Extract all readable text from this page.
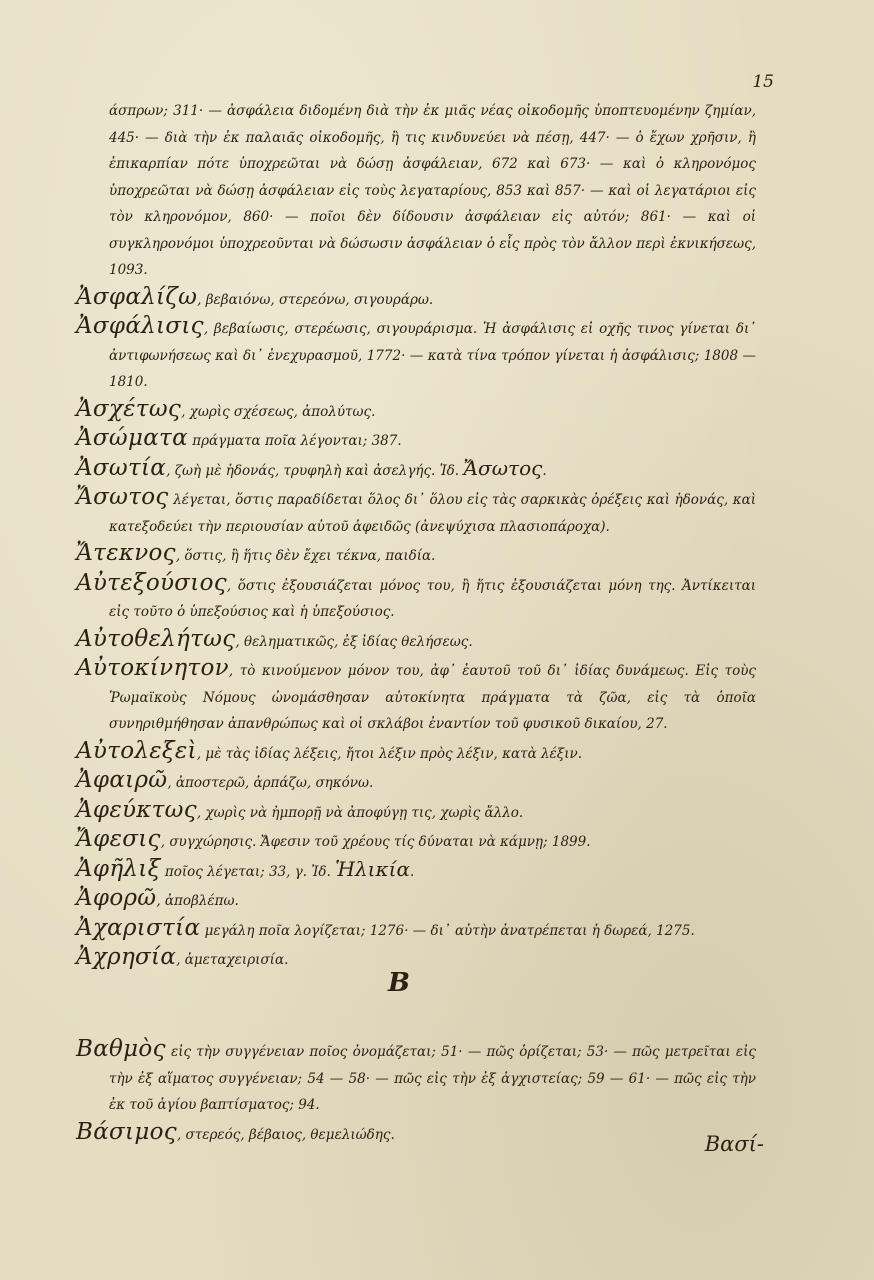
15

άσπρων; 311· — ἀσφάλεια διδομένη διὰ τὴν ἐκ μιᾶς νέας οἰκοδομῆς ὑποπτευομένην ζημίαν, 445· — διὰ τὴν ἐκ παλαιᾶς οἰκοδομῆς, ἢ τις κινδυνεύει νὰ πέσῃ, 447· — ὁ ἔχων χρῆσιν, ἢ ἐπικαρπίαν πότε ὑποχρεῶται νὰ δώσῃ ἀσφάλειαν, 672 καὶ 673· — καὶ ὁ κληρονόμος ὑποχρεῶται νὰ δώσῃ ἀσφάλειαν εἰς τοὺς λεγαταρίους, 853 καὶ 857· — καὶ οἱ λεγατάριοι εἰς τὸν κληρονόμον, 860· — ποῖοι δὲν δίδουσιν ἀσφάλειαν εἰς αὐτόν; 861· — καὶ οἱ συγκληρονόμοι ὑποχρεοῦνται νὰ δώσωσιν ἀσφάλειαν ὁ εἷς πρὸς τὸν ἄλλον περὶ ἐκνικήσεως, 1093.

Ἀσφαλίζω, βεβαιόνω, στερεόνω, σιγουράρω.

Ἀσφάλισις, βεβαίωσις, στερέωσις, σιγουράρισμα. Ἡ ἀσφάλισις εἰ οχῆς τινος γίνεται δι᾽ ἀντιφωνήσεως καὶ δι᾽ ἐνεχυρασμοῦ, 1772· — κατὰ τίνα τρόπον γίνεται ἡ ἀσφάλισις; 1808 — 1810.

Ἀσχέτως, χωρὶς σχέσεως, ἀπολύτως.

Ἀσώματα πράγματα ποῖα λέγονται; 387.

Ἀσωτία, ζωὴ μὲ ἡδονάς, τρυφηλὴ καὶ ἀσελγής. Ἰδ. Ἄσωτος.

Ἄσωτος λέγεται, ὅστις παραδίδεται ὅλος δι᾽ ὅλου εἰς τὰς σαρκικὰς ὀρέξεις καὶ ἡδονάς, καὶ κατεξοδεύει τὴν περιουσίαν αὐτοῦ ἀφειδῶς (ἀνεψύχισα πλασιοπάροχα).

Ἄτεκνος, ὅστις, ἢ ἥτις δὲν ἔχει τέκνα, παιδία.

Αὐτεξούσιος, ὅστις ἐξουσιάζεται μόνος του, ἢ ἥτις ἐξουσιάζεται μόνη της. Ἀντίκειται εἰς τοῦτο ὁ ὑπεξούσιος καὶ ἡ ὑπεξούσιος.

Αὐτοθελήτως, θεληματικῶς, ἐξ ἰδίας θελήσεως.

Αὐτοκίνητον, τὸ κινούμενον μόνον του, ἀφ᾽ ἑαυτοῦ τοῦ δι᾽ ἰδίας δυνάμεως. Εἰς τοὺς Ῥωμαϊκοὺς Νόμους ὠνομάσθησαν αὐτοκίνητα πράγματα τὰ ζῶα, εἰς τὰ ὁποῖα συνηριθμήθησαν ἀπανθρώπως καὶ οἱ σκλάβοι ἐναντίον τοῦ φυσικοῦ δικαίου, 27.

Αὐτολεξεὶ, μὲ τὰς ἰδίας λέξεις, ἤτοι λέξιν πρὸς λέξιν, κατὰ λέξιν.

Ἀφαιρῶ, ἀποστερῶ, ἁρπάζω, σηκόνω.

Ἀφεύκτως, χωρὶς νὰ ἠμπορῇ νὰ ἀποφύγῃ τις, χωρὶς ἄλλο.

Ἄφεσις, συγχώρησις. Ἄφεσιν τοῦ χρέους τίς δύναται νὰ κάμνῃ; 1899.

Ἀφῆλιξ ποῖος λέγεται; 33, γ. Ἰδ. Ἡλικία.

Ἀφορῶ, ἀποβλέπω.

Ἀχαριστία μεγάλη ποῖα λογίζεται; 1276· — δι᾽ αὐτὴν ἀνατρέπεται ἡ δωρεά, 1275.

Ἀχρησία, ἀμεταχειρισία.

Β

Βαθμὸς εἰς τὴν συγγένειαν ποῖος ὀνομάζεται; 51· — πῶς ὁρίζεται; 53· — πῶς μετρεῖται εἰς τὴν ἐξ αἵματος συγγένειαν; 54 — 58· — πῶς εἰς τὴν ἐξ ἀγχιστείας; 59 — 61· — πῶς εἰς τὴν ἐκ τοῦ ἁγίου βαπτίσματος; 94.

Βάσιμος, στερεός, βέβαιος, θεμελιώδης.	Βασί-
